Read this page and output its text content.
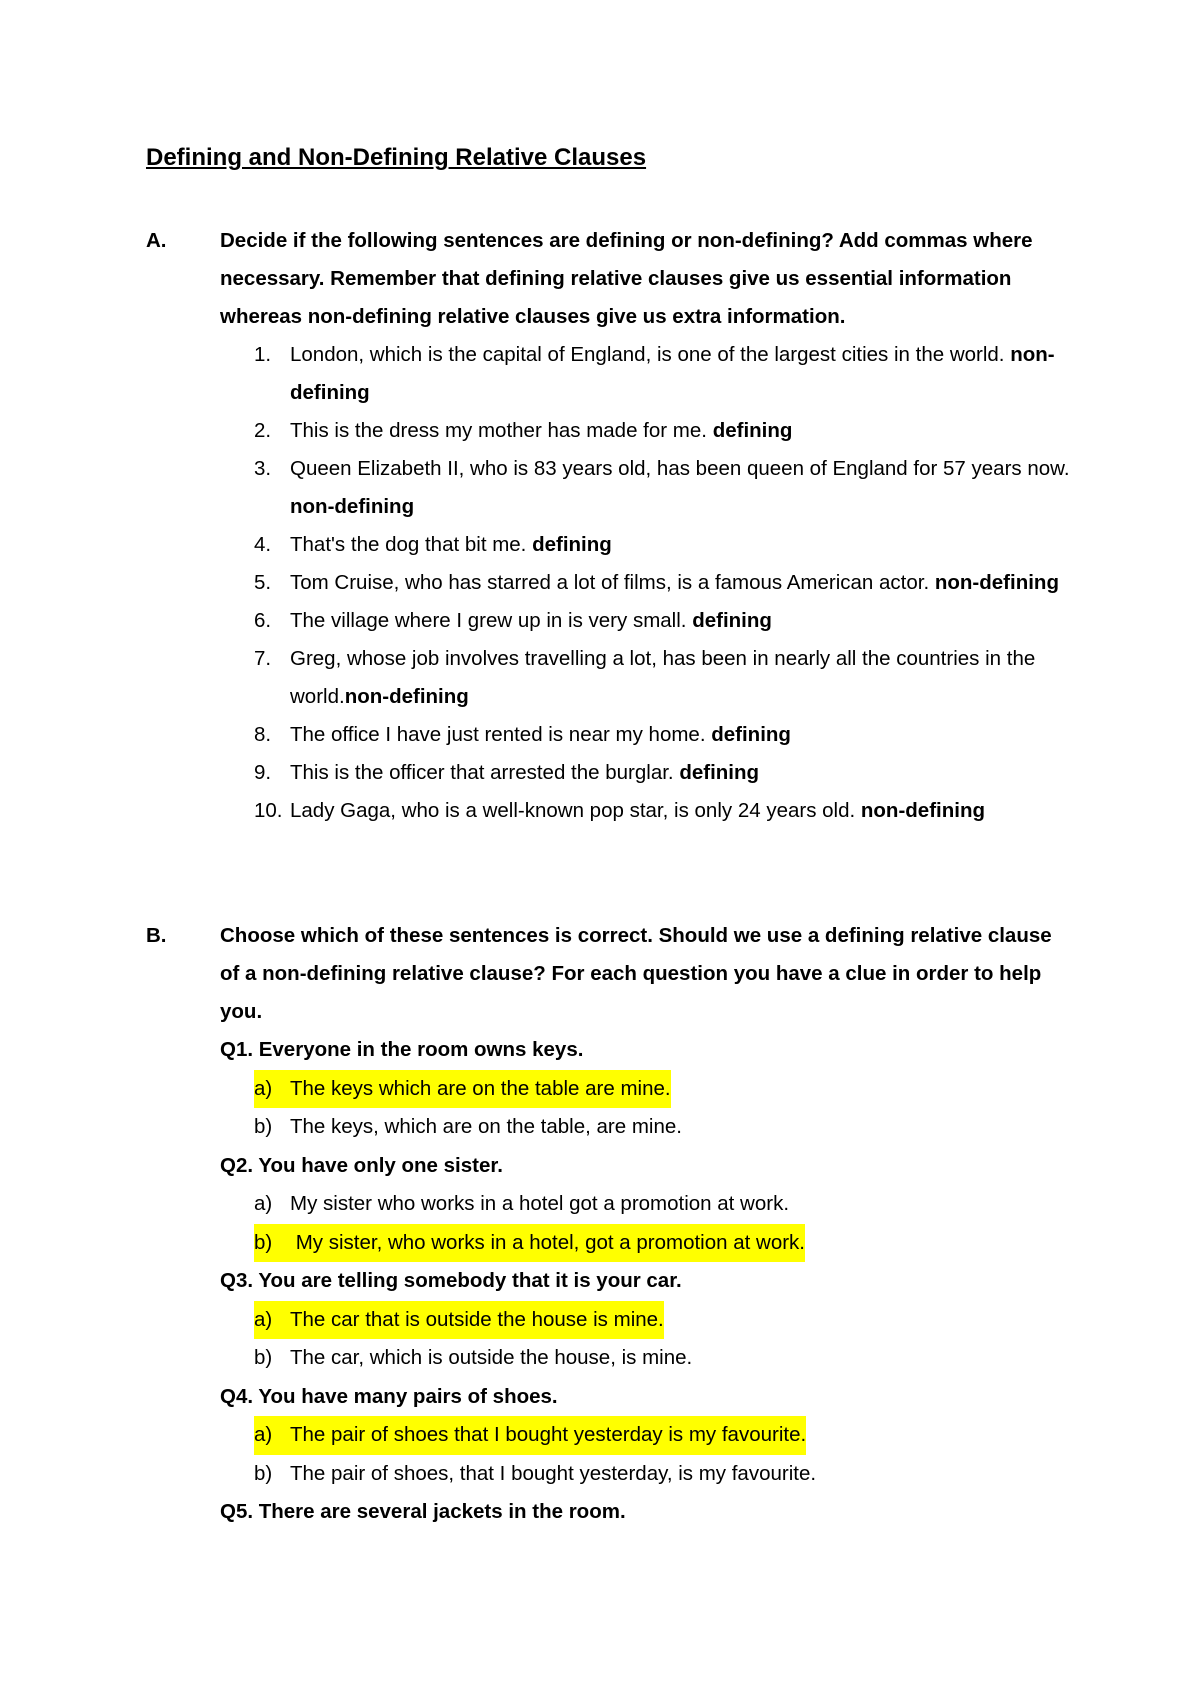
Defining and Non-Defining Relative Clauses
A.	Decide if the following sentences are defining or non-defining? Add commas where necessary. Remember that defining relative clauses give us essential information whereas non-defining relative clauses give us extra information.
1. London, which is the capital of England, is one of the largest cities in the world. non-defining
2. This is the dress my mother has made for me. defining
3. Queen Elizabeth II, who is 83 years old, has been queen of England for 57 years now. non-defining
4. That's the dog that bit me. defining
5. Tom Cruise, who has starred a lot of films, is a famous American actor. non-defining
6. The village where I grew up in is very small. defining
7. Greg, whose job involves travelling a lot, has been in nearly all the countries in the world.non-defining
8. The office I have just rented is near my home. defining
9. This is the officer that arrested the burglar. defining
10. Lady Gaga, who is a well-known pop star, is only 24 years old. non-defining
B.	Choose which of these sentences is correct. Should we use a defining relative clause of a non-defining relative clause? For each question you have a clue in order to help you.
Q1. Everyone in the room owns keys.
a) The keys which are on the table are mine.
b) The keys, which are on the table, are mine.
Q2. You have only one sister.
a) My sister who works in a hotel got a promotion at work.
b) My sister, who works in a hotel, got a promotion at work.
Q3. You are telling somebody that it is your car.
a) The car that is outside the house is mine.
b) The car, which is outside the house, is mine.
Q4. You have many pairs of shoes.
a) The pair of shoes that I bought yesterday is my favourite.
b) The pair of shoes, that I bought yesterday, is my favourite.
Q5. There are several jackets in the room.
